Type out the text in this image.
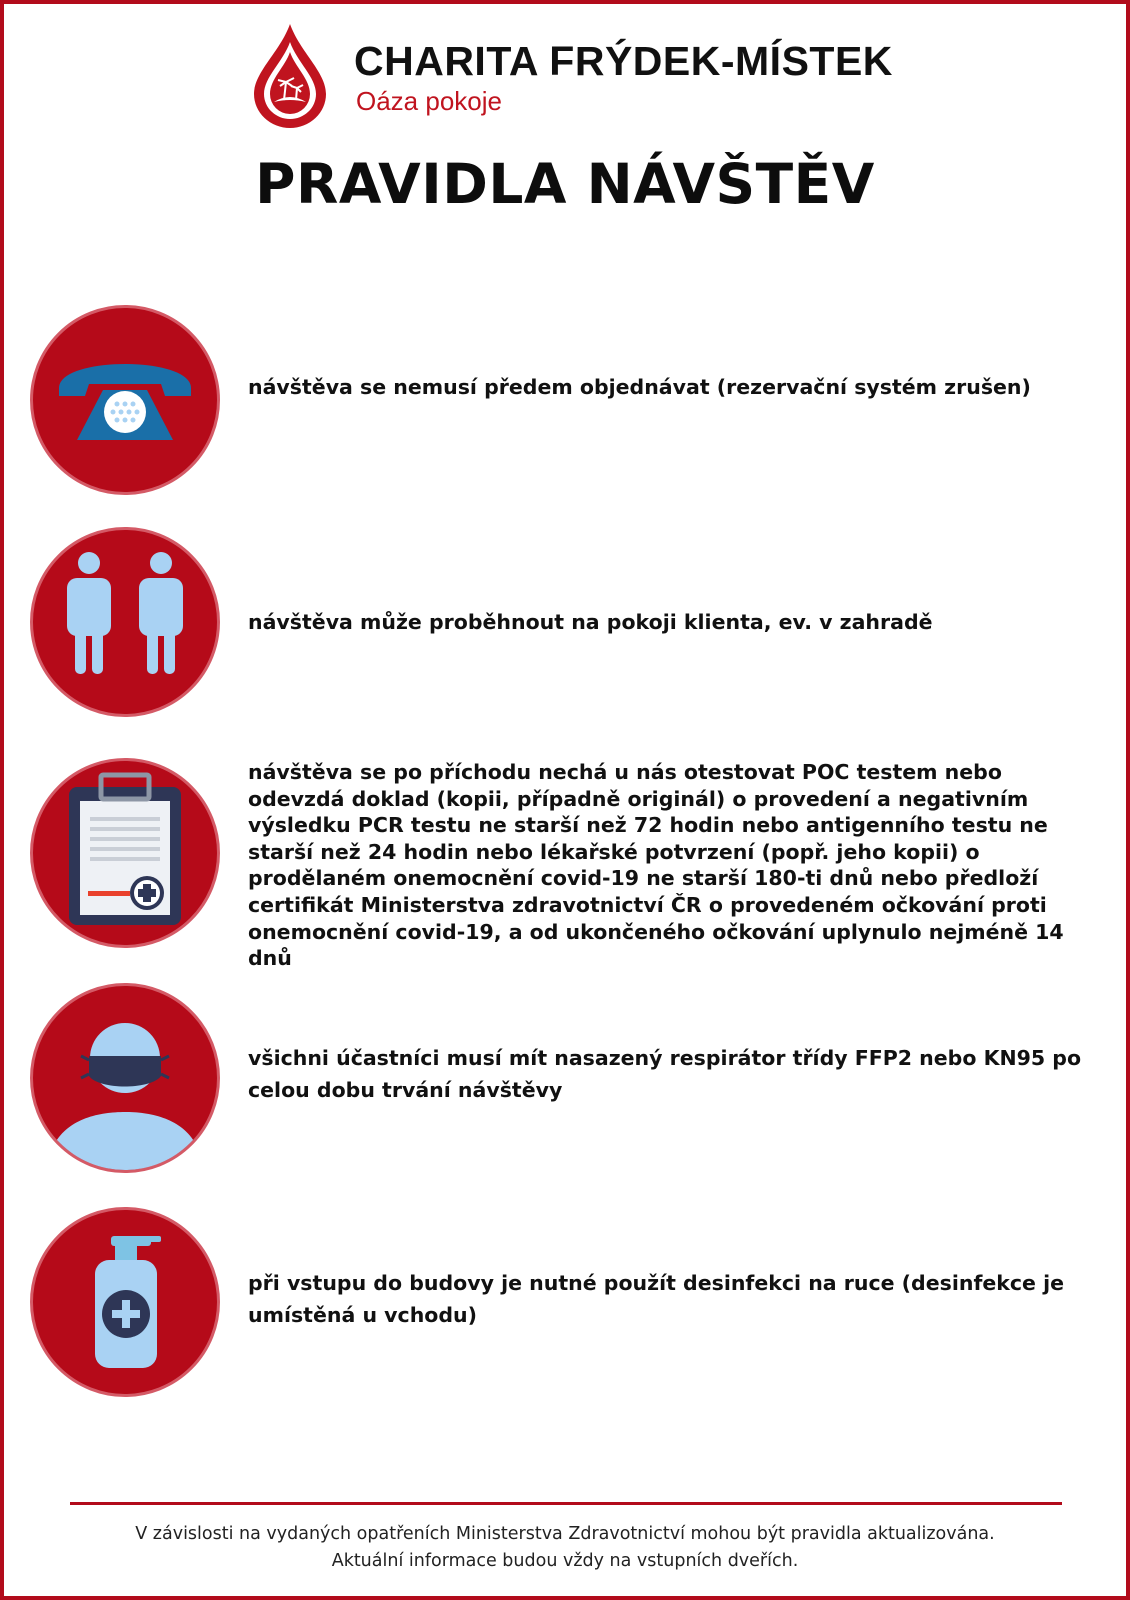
CHARITA FRÝDEK-MÍSTEK
Oáza pokoje
PRAVIDLA NÁVŠTĚV
návštěva se nemusí předem objednávat (rezervační systém zrušen)
návštěva může proběhnout na pokoji klienta, ev. v zahradě
návštěva se po příchodu nechá u nás otestovat POC testem nebo odevzdá doklad (kopii, případně originál) o provedení a negativním výsledku PCR testu ne starší než 72 hodin nebo antigenního testu ne starší než 24 hodin nebo lékařské potvrzení (popř. jeho kopii) o prodělaném onemocnění covid-19 ne starší 180-ti dnů nebo předloží certifikát Ministerstva zdravotnictví ČR o provedeném očkování proti onemocnění covid-19, a od ukončeného očkování uplynulo nejméně 14 dnů
všichni účastníci musí mít nasazený respirátor třídy FFP2 nebo KN95 po celou dobu trvání návštěvy
při vstupu do budovy je nutné použít desinfekci na ruce (desinfekce je umístěná u vchodu)
V závislosti na vydaných opatřeních Ministerstva Zdravotnictví mohou být pravidla aktualizována.
Aktuální informace budou vždy na vstupních dveřích.
